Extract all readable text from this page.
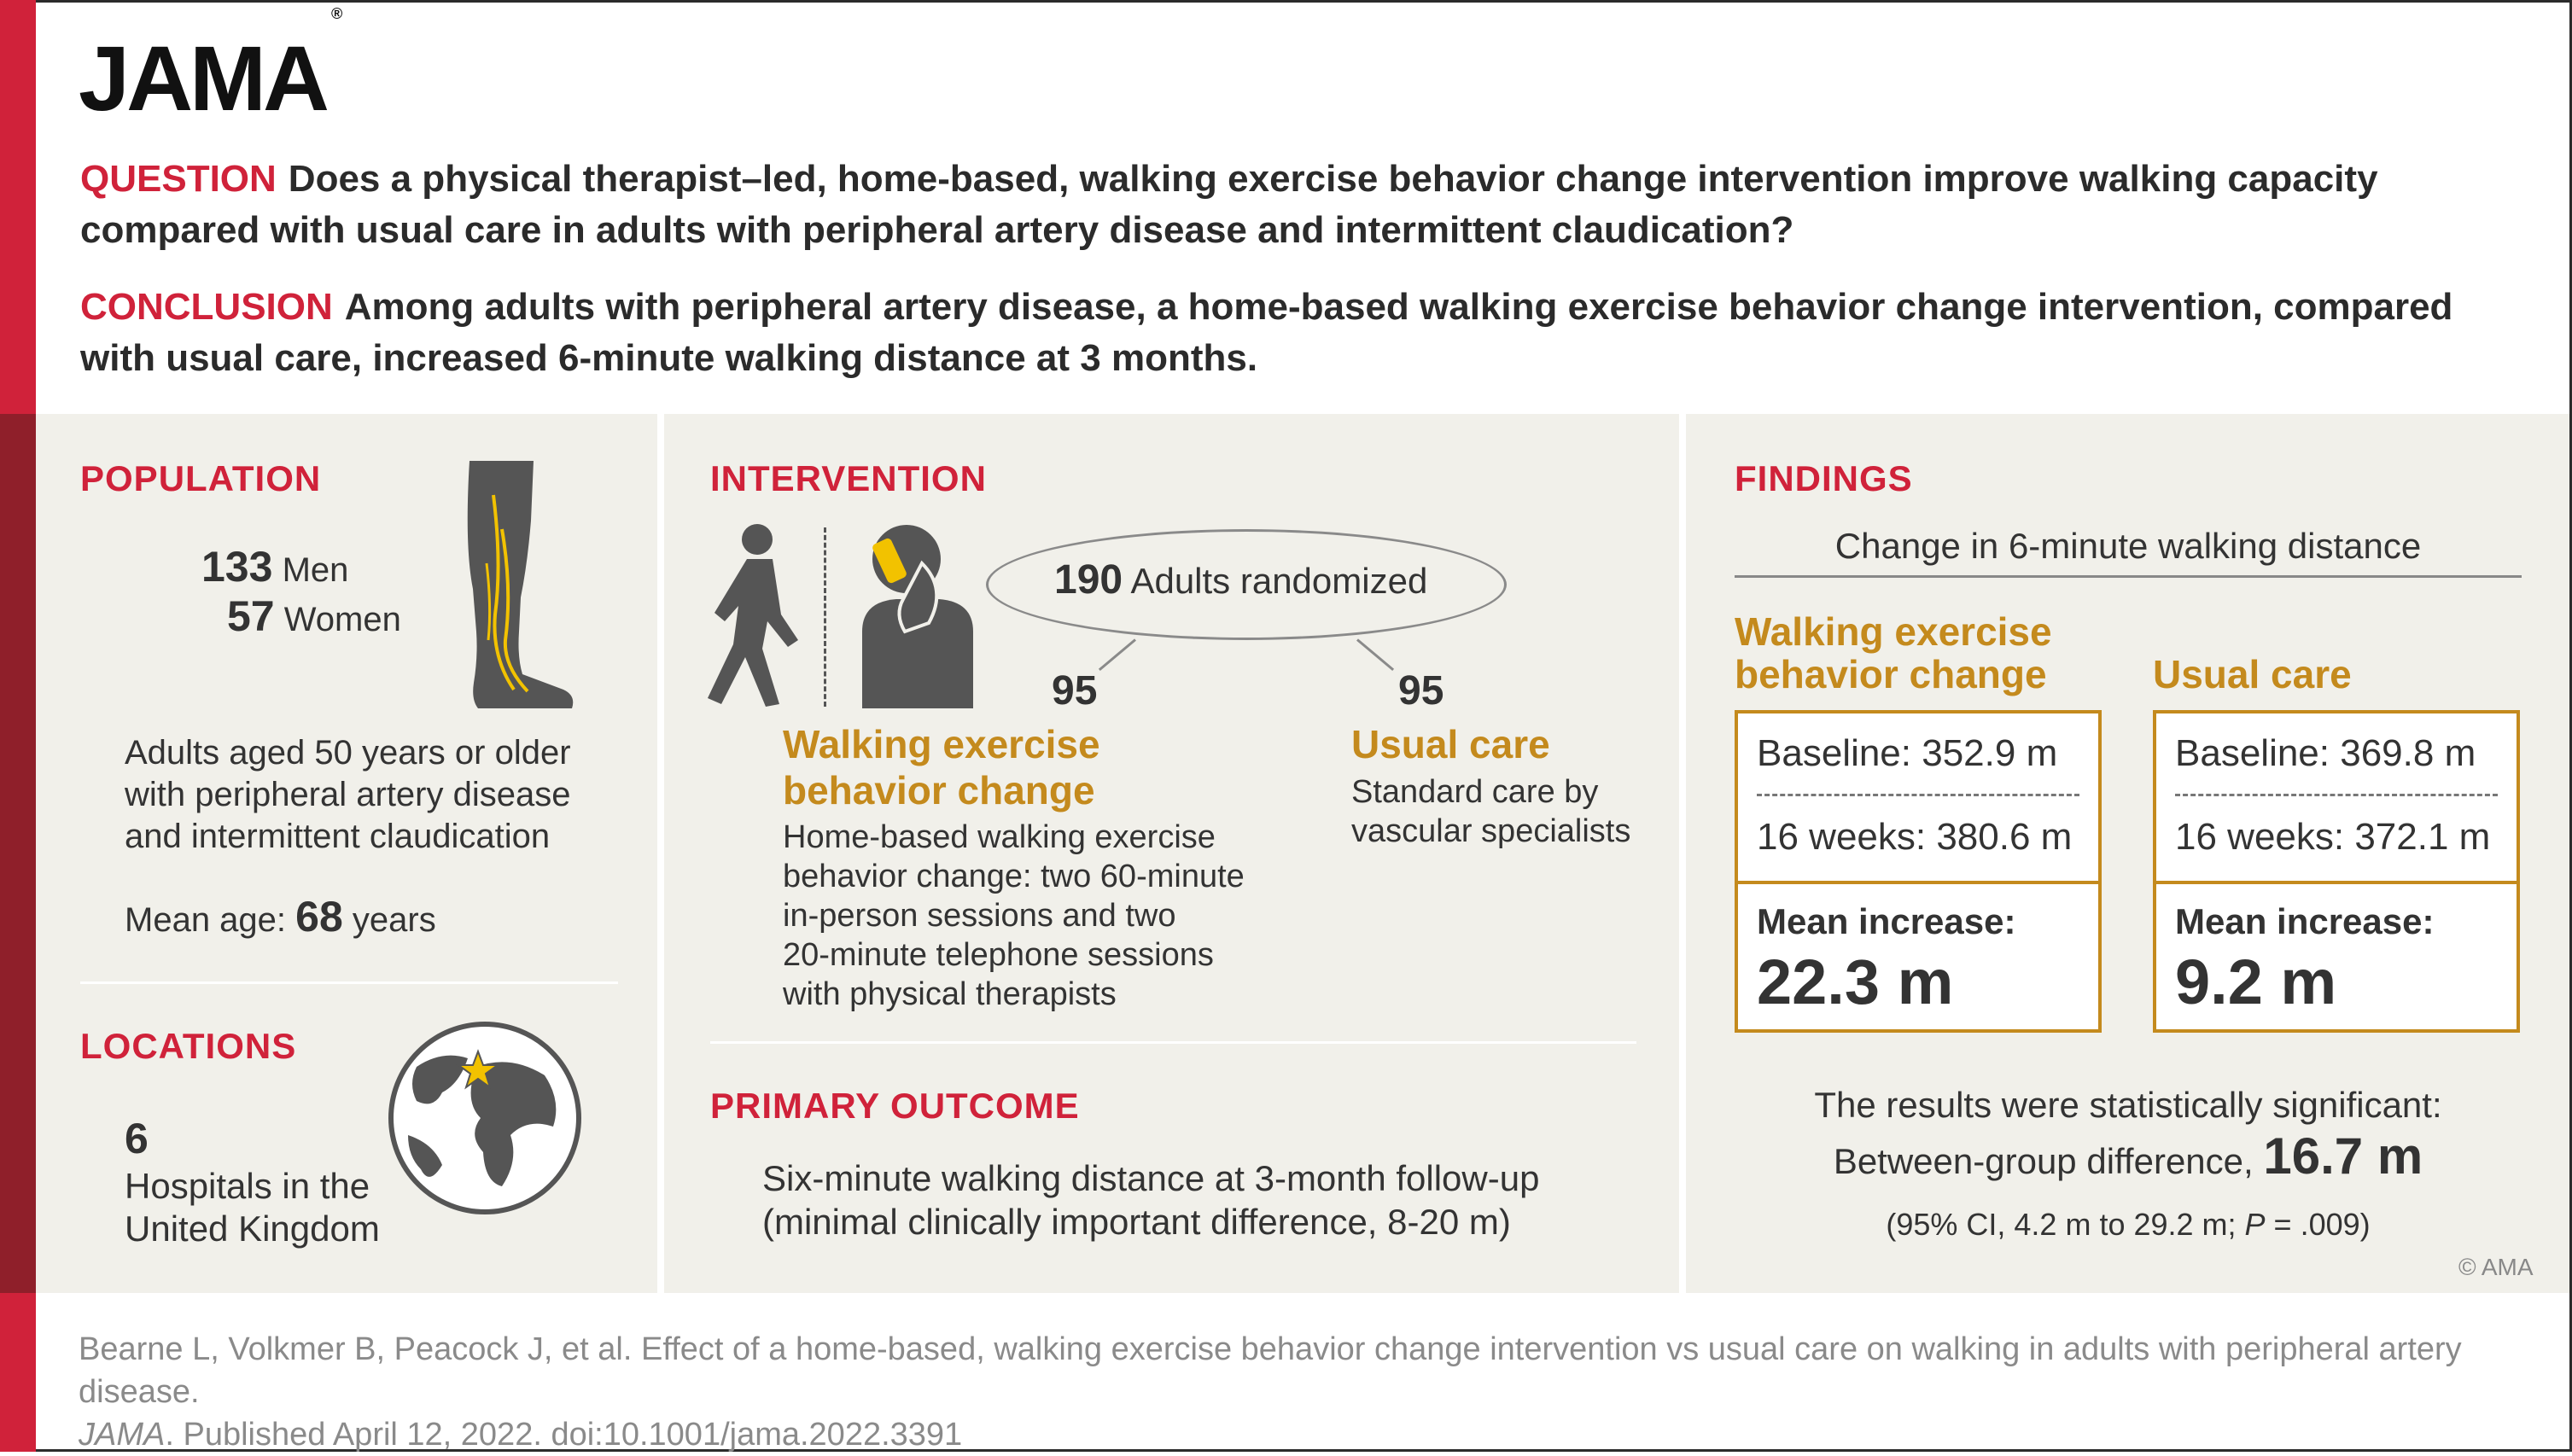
JAMA®
QUESTION Does a physical therapist–led, home-based, walking exercise behavior change intervention improve walking capacity compared with usual care in adults with peripheral artery disease and intermittent claudication?
CONCLUSION Among adults with peripheral artery disease, a home-based walking exercise behavior change intervention, compared with usual care, increased 6-minute walking distance at 3 months.
POPULATION
133 Men
57 Women
Adults aged 50 years or older
with peripheral artery disease
and intermittent claudication
Mean age: 68 years
LOCATIONS
6
Hospitals in the
United Kingdom
INTERVENTION
190 Adults randomized
95	95
Walking exercise
behavior change
Home-based walking exercise
behavior change: two 60-minute
in-person sessions and two
20-minute telephone sessions
with physical therapists
Usual care
Standard care by
vascular specialists
PRIMARY OUTCOME
Six-minute walking distance at 3-month follow-up
(minimal clinically important difference, 8-20 m)
FINDINGS
Change in 6-minute walking distance
Walking exercise
behavior change	Usual care
Baseline: 352.9 m
16 weeks: 380.6 m
Mean increase:
22.3 m
Baseline: 369.8 m
16 weeks: 372.1 m
Mean increase:
9.2 m
The results were statistically significant:
Between-group difference, 16.7 m
(95% CI, 4.2 m to 29.2 m; P = .009)
© AMA
Bearne L, Volkmer B, Peacock J, et al. Effect of a home-based, walking exercise behavior change intervention vs usual care on walking in adults with peripheral artery disease.
JAMA. Published April 12, 2022. doi:10.1001/jama.2022.3391
